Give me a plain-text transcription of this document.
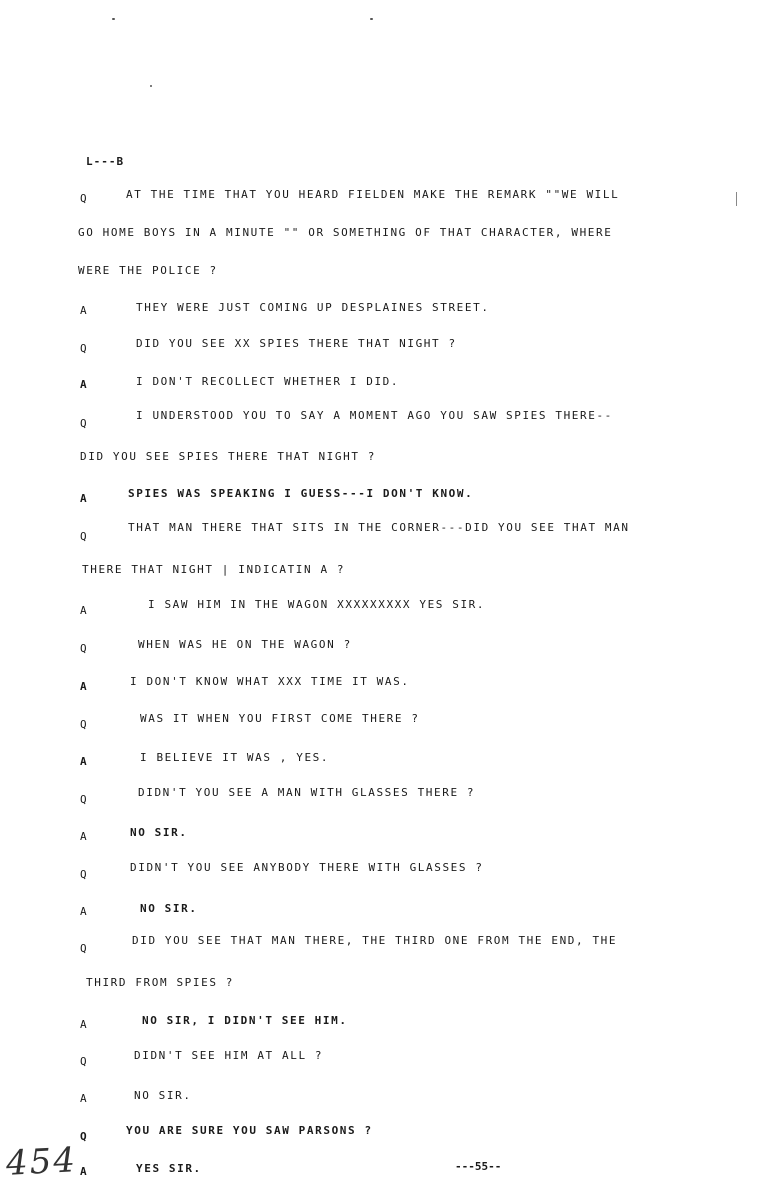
L---B
Q	AT THE TIME THAT YOU HEARD FIELDEN MAKE THE REMARK ""WE WILL
GO HOME BOYS IN A MINUTE "" OR SOMETHING OF THAT CHARACTER, WHERE
WERE THE POLICE ?
A	THEY WERE JUST COMING UP DESPLAINES STREET.
Q	DID YOU SEE XX SPIES THERE THAT NIGHT ?
A	I DON'T RECOLLECT WHETHER I DID.
Q
I UNDERSTOOD YOU TO SAY A MOMENT AGO YOU SAW SPIES THERE--
DID YOU SEE SPIES THERE THAT NIGHT ?
A	SPIES WAS SPEAKING I GUESS---I DON'T KNOW.
Q
THAT MAN THERE THAT SITS IN THE CORNER---DID YOU SEE THAT MAN
THERE THAT NIGHT | INDICATIN A ?
A	I SAW HIM IN THE WAGON XXXXXXXXX YES SIR.
Q	WHEN WAS HE ON THE WAGON ?
A	I DON'T KNOW WHAT XXX TIME IT WAS.
Q	WAS IT WHEN YOU FIRST COME THERE ?
A	I BELIEVE IT WAS , YES.
Q
DIDN'T YOU SEE A MAN WITH GLASSES THERE ?
A	NO SIR.
Q
DIDN'T YOU SEE ANYBODY THERE WITH GLASSES ?
A	NO SIR.
Q
DID YOU SEE THAT MAN THERE, THE THIRD ONE FROM THE END, THE
THIRD FROM SPIES ?
A	NO SIR, I DIDN'T SEE HIM.
Q	DIDN'T SEE HIM AT ALL ?
A	NO SIR.
Q	YOU ARE SURE YOU SAW PARSONS ?
A	YES SIR.	---55--
454
